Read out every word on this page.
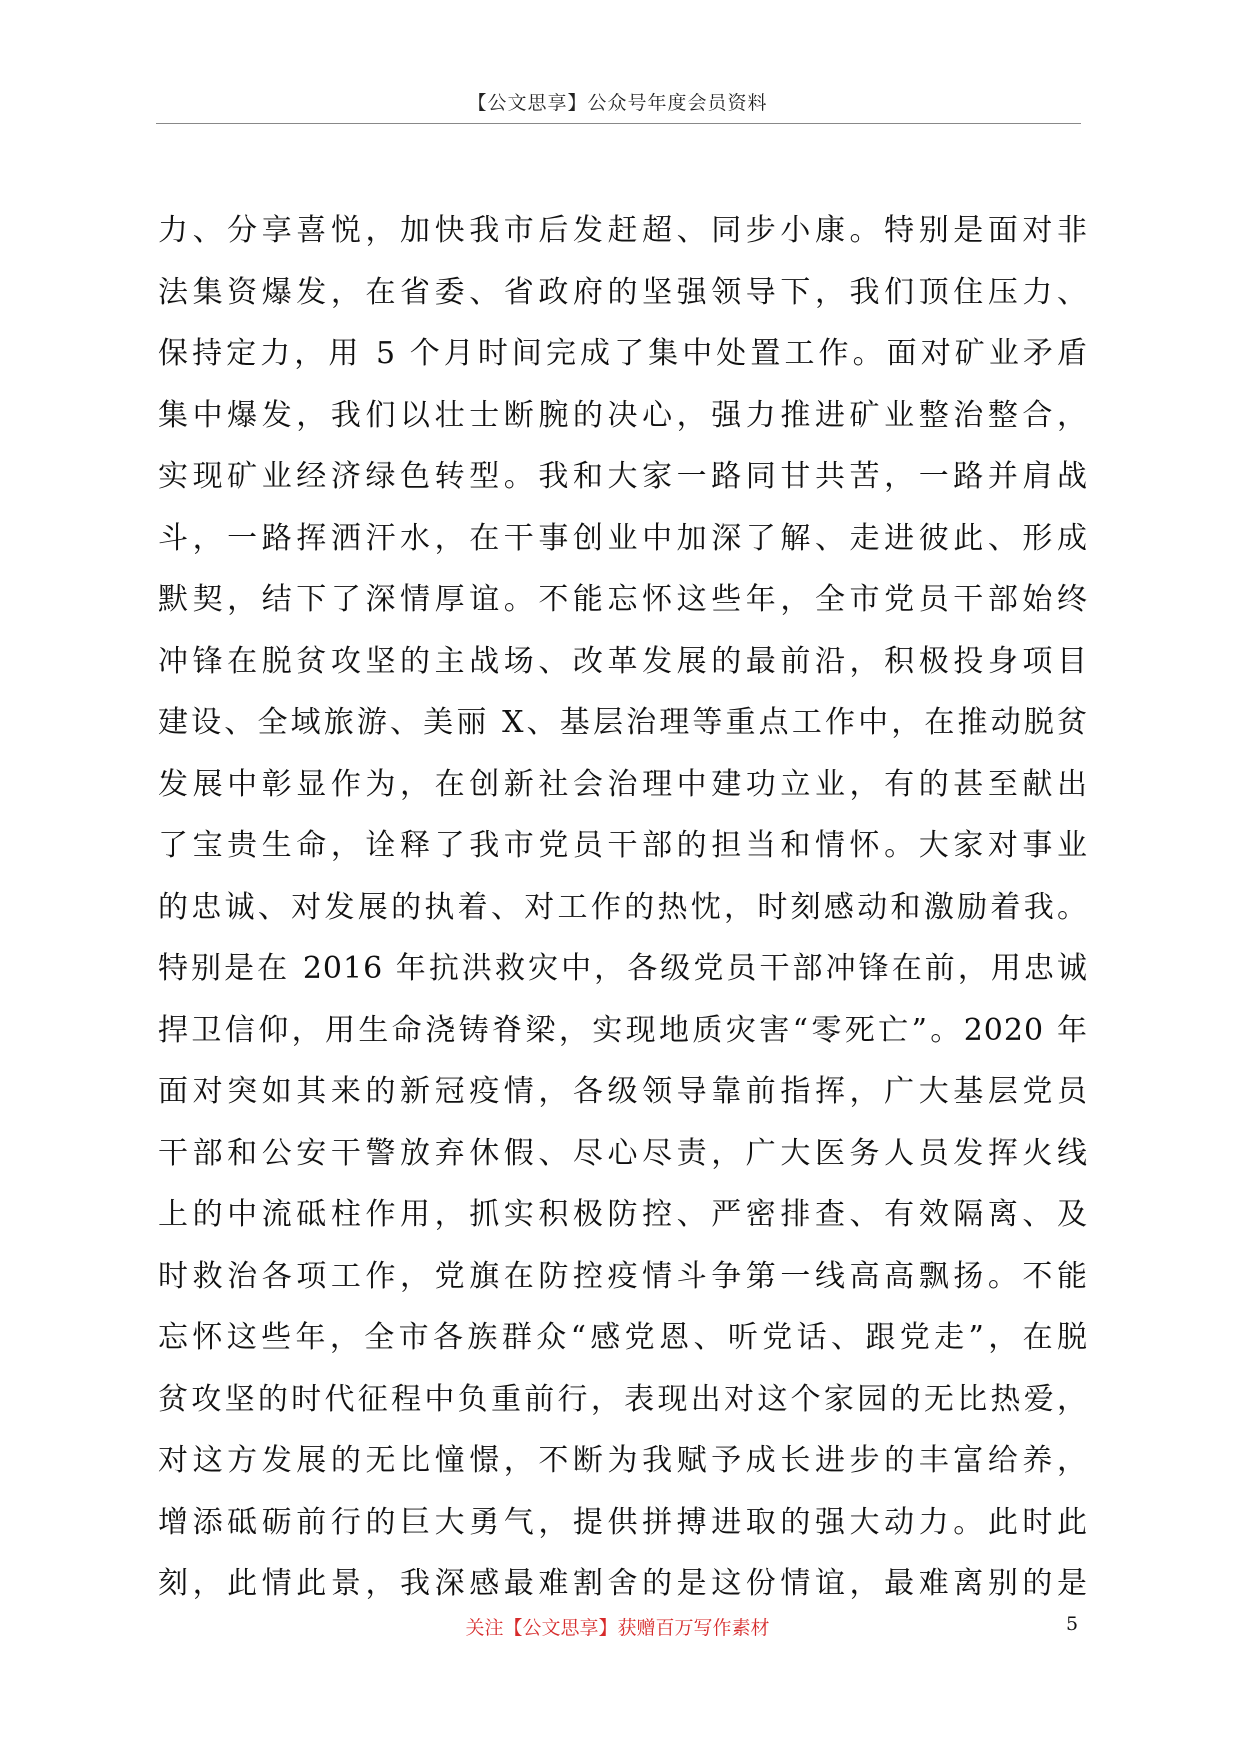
【公文思享】公众号年度会员资料
力、分享喜悦，加快我市后发赶超、同步小康。特别是面对非
法集资爆发，在省委、省政府的坚强领导下，我们顶住压力、
保持定力，用 5 个月时间完成了集中处置工作。面对矿业矛盾
集中爆发，我们以壮士断腕的决心，强力推进矿业整治整合，
实现矿业经济绿色转型。我和大家一路同甘共苦，一路并肩战
斗，一路挥洒汗水，在干事创业中加深了解、走进彼此、形成
默契，结下了深情厚谊。不能忘怀这些年，全市党员干部始终
冲锋在脱贫攻坚的主战场、改革发展的最前沿，积极投身项目
建设、全域旅游、美丽 X、基层治理等重点工作中，在推动脱贫
发展中彰显作为，在创新社会治理中建功立业，有的甚至献出
了宝贵生命，诠释了我市党员干部的担当和情怀。大家对事业
的忠诚、对发展的执着、对工作的热忱，时刻感动和激励着我。
特别是在 2016 年抗洪救灾中，各级党员干部冲锋在前，用忠诚
捍卫信仰，用生命浇铸脊梁，实现地质灾害“零死亡”。2020 年
面对突如其来的新冠疫情，各级领导靠前指挥，广大基层党员
干部和公安干警放弃休假、尽心尽责，广大医务人员发挥火线
上的中流砥柱作用，抓实积极防控、严密排查、有效隔离、及
时救治各项工作，党旗在防控疫情斗争第一线高高飘扬。不能
忘怀这些年，全市各族群众“感党恩、听党话、跟党走”，在脱
贫攻坚的时代征程中负重前行，表现出对这个家园的无比热爱，
对这方发展的无比憧憬，不断为我赋予成长进步的丰富给养，
增添砥砺前行的巨大勇气，提供拼搏进取的强大动力。此时此
刻，此情此景，我深感最难割舍的是这份情谊，最难离别的是
关注【公文思享】获赠百万写作素材	5
